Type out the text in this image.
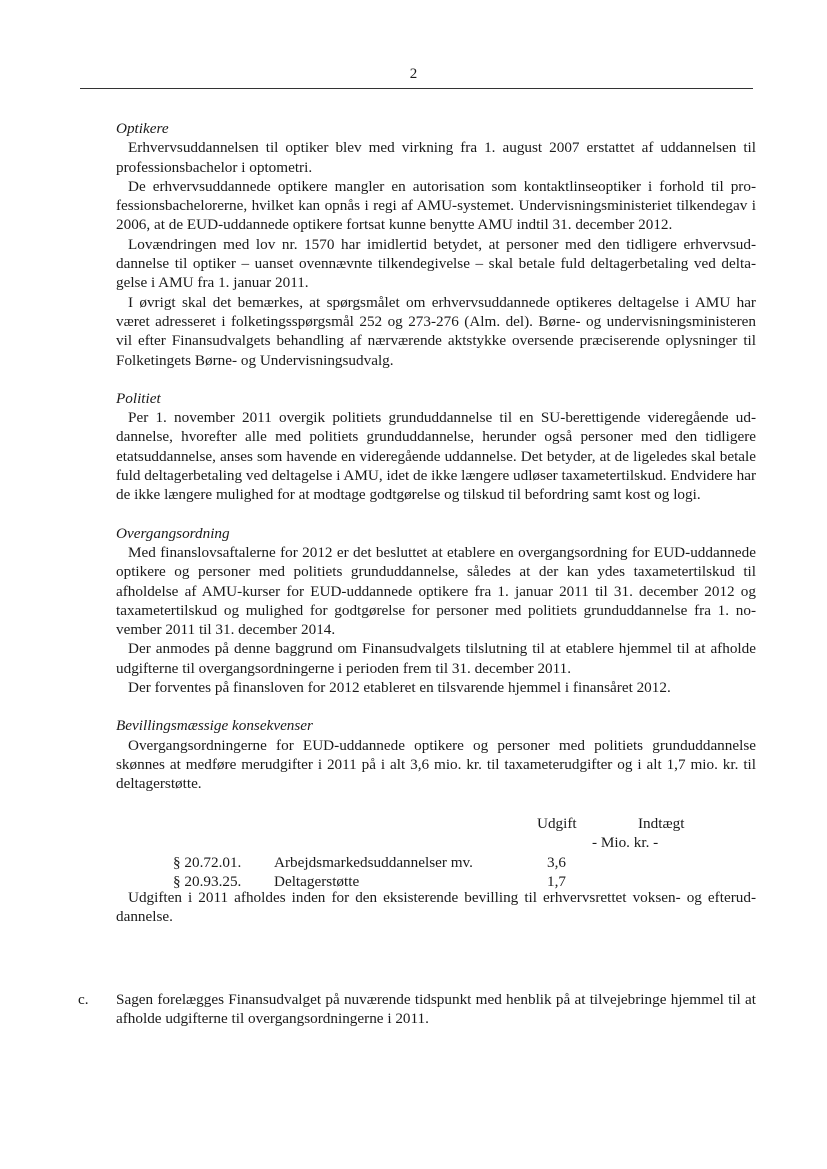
2
Optikere

Erhvervsuddannelsen til optiker blev med virkning fra 1. august 2007 erstattet af uddannelsen til professionsbachelor i optometri.

De erhvervsuddannede optikere mangler en autorisation som kontaktlinseoptiker i forhold til professionsbachelorerne, hvilket kan opnås i regi af AMU-systemet. Undervisningsministeriet tilkendegav i 2006, at de EUD-uddannede optikere fortsat kunne benytte AMU indtil 31. december 2012.

Lovændringen med lov nr. 1570 har imidlertid betydet, at personer med den tidligere erhvervsuddannelse til optiker – uanset ovennævnte tilkendegivelse – skal betale fuld deltagerbetaling ved deltagelse i AMU fra 1. januar 2011.

I øvrigt skal det bemærkes, at spørgsmålet om erhvervsuddannede optikeres deltagelse i AMU har været adresseret i folketingsspørgsmål 252 og 273-276 (Alm. del). Børne- og undervisningsministeren vil efter Finansudvalgets behandling af nærværende aktstykke oversende præciserende oplysninger til Folketingets Børne- og Undervisningsudvalg.

Politiet

Per 1. november 2011 overgik politiets grunduddannelse til en SU-berettigende videregående uddannelse, hvorefter alle med politiets grunduddannelse, herunder også personer med den tidligere etatsuddannelse, anses som havende en videregående uddannelse. Det betyder, at de ligeledes skal betale fuld deltagerbetaling ved deltagelse i AMU, idet de ikke længere udløser taxametertilskud. Endvidere har de ikke længere mulighed for at modtage godtgørelse og tilskud til befordring samt kost og logi.

Overgangsordning

Med finanslovsaftalerne for 2012 er det besluttet at etablere en overgangsordning for EUD-uddannede optikere og personer med politiets grunduddannelse, således at der kan ydes taxametertilskud til afholdelse af AMU-kurser for EUD-uddannede optikere fra 1. januar 2011 til 31. december 2012 og taxametertilskud og mulighed for godtgørelse for personer med politiets grunduddannelse fra 1. november 2011 til 31. december 2014.

Der anmodes på denne baggrund om Finansudvalgets tilslutning til at etablere hjemmel til at afholde udgifterne til overgangsordningerne i perioden frem til 31. december 2011.

Der forventes på finansloven for 2012 etableret en tilsvarende hjemmel i finansåret 2012.

Bevillingsmæssige konsekvenser

Overgangsordningerne for EUD-uddannede optikere og personer med politiets grunduddannelse skønnes at medføre merudgifter i 2011 på i alt 3,6 mio. kr. til taxameterudgifter og i alt 1,7 mio. kr. til deltagerstøtte.

Udgift	Indtægt
- Mio. kr. -
§ 20.72.01. Arbejdsmarkedsuddannelser mv.	3,6
§ 20.93.25. Deltagerstøtte	1,7

Udgiften i 2011 afholdes inden for den eksisterende bevilling til erhvervsrettet voksen- og efteruddannelse.

c. Sagen forelægges Finansudvalget på nuværende tidspunkt med henblik på at tilvejebringe hjemmel til at afholde udgifterne til overgangsordningerne i 2011.
